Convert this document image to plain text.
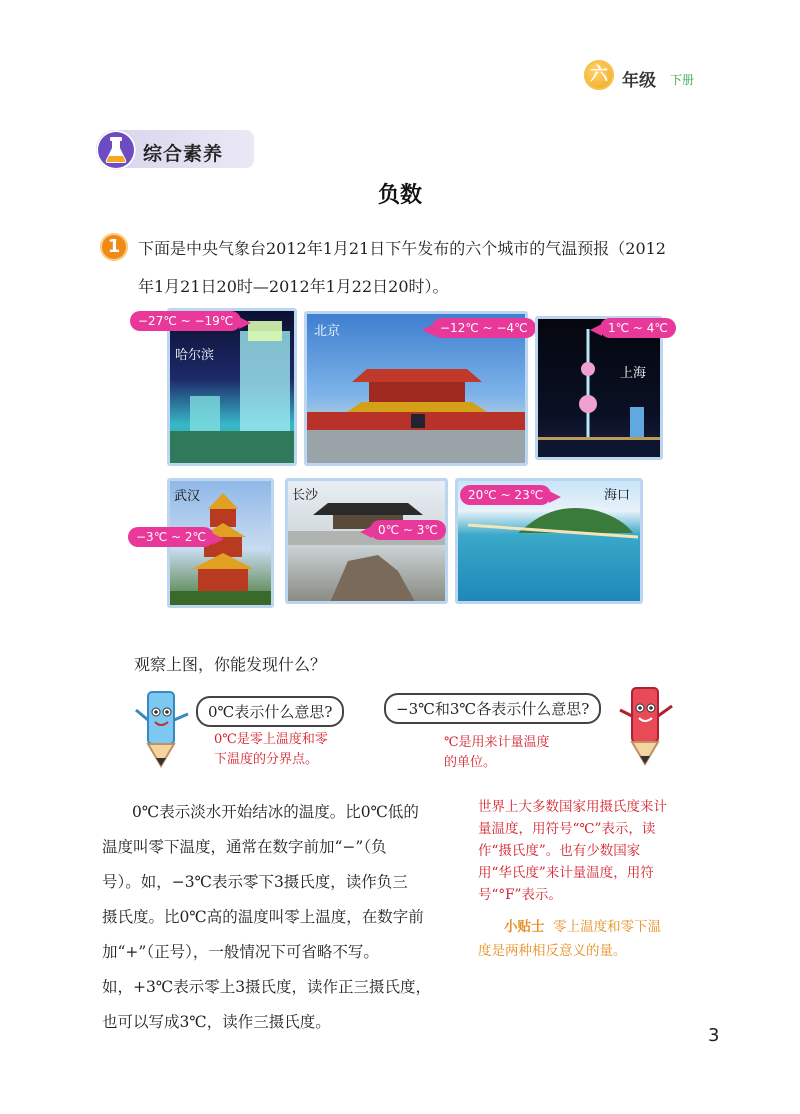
六 年级 下册
综合素养
负数
1	下面是中央气象台2012年1月21日下午发布的六个城市的气温预报（2012
年1月21日20时—2012年1月22日20时）。
−27℃ ~ −19℃
哈尔滨
北京	−12℃ ~ −4℃	1℃ ~ 4℃
上海
武汉
−3℃ ~ 2℃
长沙
0℃ ~ 3℃
20℃ ~ 23℃	海口
观察上图，你能发现什么？
0℃表示什么意思?
0℃是零上温度和零
下温度的分界点。
−3℃和3℃各表示什么意思?
℃是用来计量温度
的单位。
0℃表示淡水开始结冰的温度。比0℃低的
温度叫零下温度，通常在数字前加“−”（负
号）。如，−3℃表示零下3摄氏度，读作负三
摄氏度。比0℃高的温度叫零上温度，在数字前
加“+”（正号），一般情况下可省略不写。
如，+3℃表示零上3摄氏度，读作正三摄氏度，
也可以写成3℃，读作三摄氏度。
世界上大多数国家用摄氏度来计
量温度，用符号“℃”表示，读
作“摄氏度”。也有少数国家
用“华氏度”来计量温度，用符
号“°F”表示。
小贴士 零上温度和零下温
度是两种相反意义的量。
3
